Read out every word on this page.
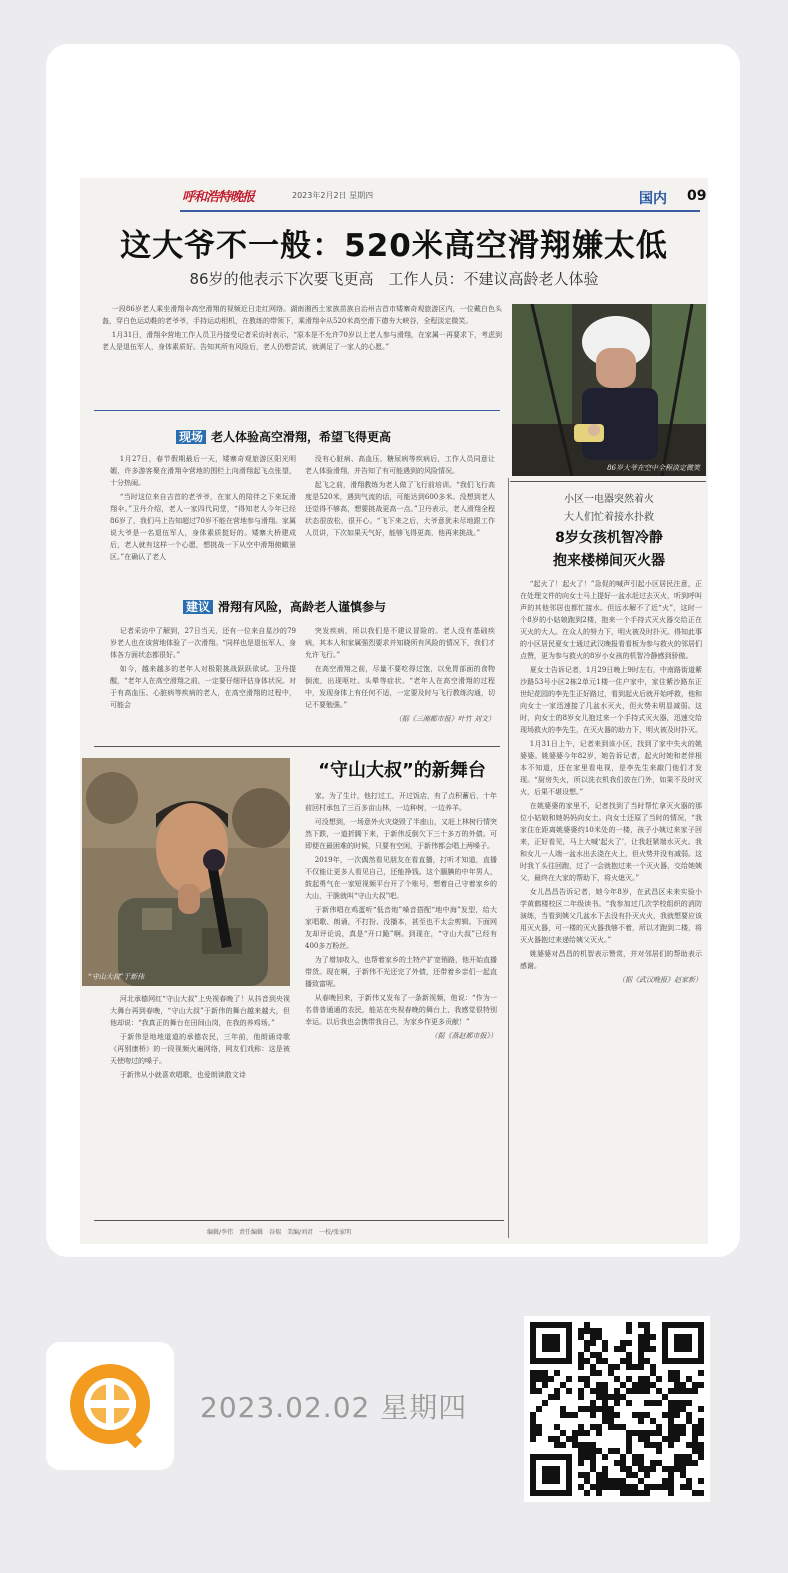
呼和浩特晚报	2023年2月2日 星期四	国内 09
这大爷不一般：520米高空滑翔嫌太低
86岁的他表示下次要飞更高　工作人员：不建议高龄老人体验

一段86岁老人乘坐滑翔伞高空滑翔的视频近日走红网络。湖南湘西土家族苗族自治州吉首市矮寨奇观旅游区内，一位戴白色头盔，穿白色运动鞋的老爷爷，手持运动相机，在教练的带领下，乘滑翔伞从520米高空滑下德夯大峡谷，全程淡定微笑。

1月31日，滑翔伞营地工作人员卫丹接受记者采访时表示，“原本是不允许70岁以上老人参与滑翔，在家属一再要求下，考虑到老人是退伍军人，身体素质好。告知其所有风险后，老人仍想尝试，就满足了一家人的心愿。”

86岁大爷在空中全程淡定微笑
现场 老人体验高空滑翔，希望飞得更高

1月27日，春节假期最后一天，矮寨奇观旅游区阳光明媚，许多游客聚在滑翔伞营地的围栏上向滑翔起飞点张望，十分热闹。

“当时这位来自吉首的老爷爷，在家人的陪伴之下来玩滑翔伞。”卫丹介绍，老人一家四代同堂，“得知老人今年已经86岁了，我们马上告知超过70岁不能在营地参与滑翔。家属说大爷是一名退伍军人，身体素质挺好的。矮寨大桥建成后，老人就有这样一个心愿，想挑战一下从空中滑翔俯瞰景区。”在确认了老人

没有心脏病、高血压、糖尿病等疾病后，工作人员同意让老人体验滑翔，并告知了有可能遇到的风险情况。

起飞之前，滑翔教练为老人做了飞行前培训。“我们飞行高度是520米，遇到气流的话，可能达到600多米。没想到老人还觉得不够高，想要挑战更高一点。”卫丹表示，老人滑翔全程状态很放松，很开心。“飞下来之后，大爷意犹未尽地跟工作人员讲，下次如果天气好，能够飞得更高，他再来挑战。”

建议 滑翔有风险，高龄老人谨慎参与

记者采访中了解到，27日当天，还有一位来自星沙的79岁老人也在该营地体验了一次滑翔。“同样也是退伍军人，身体各方面状态都很好。”

如今，越来越多的老年人对极限挑战跃跃欲试。卫丹提醒，“老年人在高空滑翔之前，一定要仔细评估身体状况。对于有高血压、心脏病等疾病的老人，在高空滑翔的过程中，可能会

突发疾病，所以我们是不建议冒险的。老人没有基础疾病，其本人和家属强烈要求并知晓所有风险的情况下，我们才允许飞行。”

在高空滑翔之前，尽量不要吃得过饱，以免胃部面的食物倒流，出现呕吐、头晕等症状。“老年人在高空滑翔的过程中，发现身体上有任何不适，一定要及时与飞行教练沟通，切记不要勉强。”

（据《三湘都市报》叶竹 刘文）

小区一电器突然着火
大人们忙着接水扑救
8岁女孩机智冷静
抱来楼梯间灭火器

“起火了！起火了！”急促的喊声引起小区居民注意，正在处理文件的向女士马上提好一盆水赶过去灭火，听到呼叫声的其他邻居也都忙接水。但远水解不了近“火”，这时一个8岁的小姑娘跑到2楼，抱来一个手持式灭火器交给正在灭火的大人。在众人的努力下，明火被及时扑灭。得知此事的小区居民夏女士通过武汉晚报看看板为参与救火的邻居们点赞，更为参与救火的8岁小女孩的机智冷静感到骄傲。

夏女士告诉记者，1月29日晚上9时左右，中南路街道紫沙路53号小区2栋2单元1楼一住户家中，家住紫沙路东正世纪花园的李先生正好路过，看到起火后就开始呼救，他和向女士一家迅速接了几盆水灭火，但火势未明显减弱。这时，向女士的8岁女儿抱过来一个手持式灭火器，迅速交给现场救火的李先生，在灭火器的助力下，明火被及时扑灭。

1月31日上午，记者来到该小区，找到了家中失火的姚婆婆。姚婆婆今年82岁，她告诉记者，起火时她和老伴根本不知道，还在家里看电视，是李先生来敲门他们才发现。“厨房失火，所以洗衣机我们放在门外，如果不及时灭火，后果不堪设想。”

在姚婆婆的家里不，记者找到了当时帮忙拿灭火器的那位小姑娘和她妈妈向女士。向女士还原了当时的情况，“我家住在距离姚婆婆约10米处的一楼，孩子小姨过来家子回来，正好看见，马上大喊‘起火了’，让我赶紧端水灭火。我和女儿一人端一盆水出去浇在火上，但火势并没有减弱。这时我丫头往回跑，过了一会就抱过来一个灭火器，交给她姨父，最终在大家的帮助下，将火熄灭。”

女儿昌昌告诉记者，她今年8岁，在武昌区未来实验小学黄鹤楼校区二年级读书。“我参加过几次学校组织的消防演练，当看到姨父几盆水下去没有扑灭火火，我就想要应该用灭火器，可一楼的灭火器我够不着，所以才跑到二楼，将灭火器抱过来递给姨父灭火。”

姚婆婆对昌昌的机智表示赞赏，并对邻居们的帮助表示感谢。

（据《武汉晚报》赵家新）

“守山大叔”于新伟
“守山大叔”的新舞台

家。为了生计，他打过工，开过饭店，有了点积蓄后，十年前回村承包了三百多亩山林，一边种树，一边养羊。

可没想到，一场意外火灾烧毁了半座山，又赶上林树行情突然下跌，一道折腾下来，于新伟反倒欠下三十多万的外债。可即便在最困难的时候，只要有空闲，于新伟都会唱上两嗓子。

2019年，一次偶然看见朋友在看直播，打听才知道，直播不仅能让更多人看见自己，还能挣钱。这个腼腆的中年男人，鼓起勇气在一家短视频平台开了个账号，想着自己守着家乡的大山，干脆就叫“守山大叔”吧。

于新伟唱在鸡蛋听“低音炮”嗓音搭配“地中海”发型，给大家唱歌、朗诵，不打扮、没播本，甚至也不太会剪辑。下面网友却评论说，真是“开口跪”啊。到现在，“守山大叔”已经有400多万粉丝。

为了增加收入，也帮着家乡的土特产扩宽销路，他开始直播带货。现在啊，于新伟不光还完了外债，还带着乡亲们一起直播致富呢。

从春晚回来，于新伟又发布了一条新视频，他说：“作为一名普普通通的农民，能站在央视春晚的舞台上，我感觉很特别幸运。以后我也会携带我自己，为家乡作更多贡献！”

（据《燕赵都市报》）

河北承德网红“守山大叔”上央视春晚了！从抖音到央视大舞台再到春晚，“守山大叔”于新伟的舞台越来越大，但他却说：“我真正的舞台在田间山岗，在我的养鸡场。”

于新伟是地地道道的承德农民，三年前，他朗诵诗歌《再别康桥》的一段视频火遍网络，网友们戏称：这是被天使吻过的嗓子。

于新伟从小就喜欢唱歌，也爱朗读散文诗

编辑/李伟　责任编辑　谷瑞　美编/刘君　一校/张家明
2023.02.02 星期四
